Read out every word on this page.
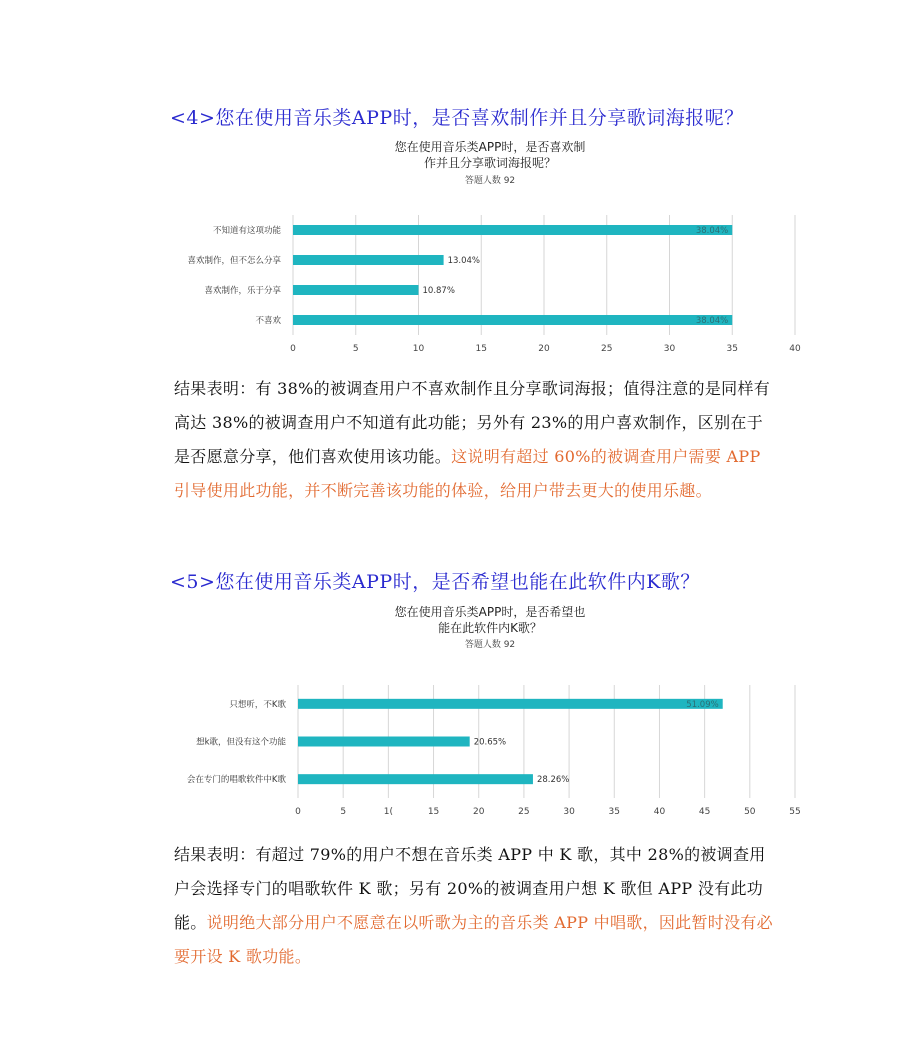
<4>您在使用音乐类APP时，是否喜欢制作并且分享歌词海报呢？
您在使用音乐类APP时，是否喜欢制
作并且分享歌词海报呢？
答题人数 92
0	5	10	15	20	25	30	35	40
不知道有这项功能	38.04%
喜欢制作，但不怎么分享	13.04%
喜欢制作，乐于分享	10.87%
不喜欢	38.04%
结果表明：有 38%的被调查用户不喜欢制作且分享歌词海报；值得注意的是同样有高达 38%的被调查用户不知道有此功能；另外有 23%的用户喜欢制作，区别在于是否愿意分享，他们喜欢使用该功能。这说明有超过 60%的被调查用户需要 APP 引导使用此功能，并不断完善该功能的体验，给用户带去更大的使用乐趣。
<5>您在使用音乐类APP时，是否希望也能在此软件内K歌？
您在使用音乐类APP时，是否希望也
能在此软件内K歌？
答题人数 92
0	5	1(	15	20	25	30	35	40	45	50	55
只想听，不K歌	51.09%
想k歌，但没有这个功能	20.65%
会在专门的唱歌软件中K歌	28.26%
结果表明：有超过 79%的用户不想在音乐类 APP 中 K 歌，其中 28%的被调查用户会选择专门的唱歌软件 K 歌；另有 20%的被调查用户想 K 歌但 APP 没有此功能。说明绝大部分用户不愿意在以听歌为主的音乐类 APP 中唱歌，因此暂时没有必要开设 K 歌功能。
